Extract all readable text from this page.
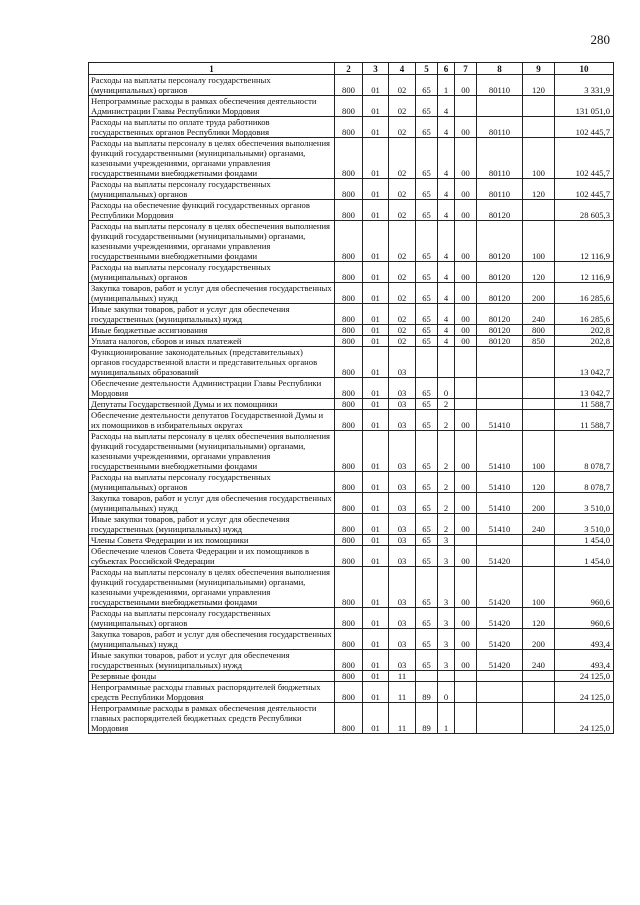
280
1	2	3	4	5	6	7	8	9	10
Расходы на выплаты персоналу государственных (муниципальных) органов	800	01	02	65	1	00	80110	120	3 331,9
Непрограммные расходы в рамках обеспечения деятельности Администрации Главы Республики Мордовия	800	01	02	65	4				131 051,0
Расходы на выплаты по оплате труда работников государственных органов Республики Мордовия	800	01	02	65	4	00	80110		102 445,7
Расходы на выплаты персоналу в целях обеспечения выполнения функций государственными (муниципальными) органами, казенными учреждениями, органами управления государственными внебюджетными фондами	800	01	02	65	4	00	80110	100	102 445,7
Расходы на выплаты персоналу государственных (муниципальных) органов	800	01	02	65	4	00	80110	120	102 445,7
Расходы на обеспечение функций государственных органов Республики Мордовия	800	01	02	65	4	00	80120		28 605,3
Расходы на выплаты персоналу в целях обеспечения выполнения функций государственными (муниципальными) органами, казенными учреждениями, органами управления государственными внебюджетными фондами	800	01	02	65	4	00	80120	100	12 116,9
Расходы на выплаты персоналу государственных (муниципальных) органов	800	01	02	65	4	00	80120	120	12 116,9
Закупка товаров, работ и услуг для обеспечения государственных (муниципальных) нужд	800	01	02	65	4	00	80120	200	16 285,6
Иные закупки товаров, работ и услуг для обеспечения государственных (муниципальных) нужд	800	01	02	65	4	00	80120	240	16 285,6
Иные бюджетные ассигнования	800	01	02	65	4	00	80120	800	202,8
Уплата налогов, сборов и иных платежей	800	01	02	65	4	00	80120	850	202,8
Функционирование законодательных (представительных) органов государственной власти и представительных органов муниципальных образований	800	01	03						13 042,7
Обеспечение деятельности Администрации Главы Республики Мордовия	800	01	03	65	0				13 042,7
Депутаты Государственной Думы и их помощники	800	01	03	65	2				11 588,7
Обеспечение деятельности депутатов Государственной Думы и их помощников в избирательных округах	800	01	03	65	2	00	51410		11 588,7
Расходы на выплаты персоналу в целях обеспечения выполнения функций государственными (муниципальными) органами, казенными учреждениями, органами управления государственными внебюджетными фондами	800	01	03	65	2	00	51410	100	8 078,7
Расходы на выплаты персоналу государственных (муниципальных) органов	800	01	03	65	2	00	51410	120	8 078,7
Закупка товаров, работ и услуг для обеспечения государственных (муниципальных) нужд	800	01	03	65	2	00	51410	200	3 510,0
Иные закупки товаров, работ и услуг для обеспечения государственных (муниципальных) нужд	800	01	03	65	2	00	51410	240	3 510,0
Члены Совета Федерации и их помощники	800	01	03	65	3				1 454,0
Обеспечение членов Совета Федерации и их помощников в субъектах Российской Федерации	800	01	03	65	3	00	51420		1 454,0
Расходы на выплаты персоналу в целях обеспечения выполнения функций государственными (муниципальными) органами, казенными учреждениями, органами управления государственными внебюджетными фондами	800	01	03	65	3	00	51420	100	960,6
Расходы на выплаты персоналу государственных (муниципальных) органов	800	01	03	65	3	00	51420	120	960,6
Закупка товаров, работ и услуг для обеспечения государственных (муниципальных) нужд	800	01	03	65	3	00	51420	200	493,4
Иные закупки товаров, работ и услуг для обеспечения государственных (муниципальных) нужд	800	01	03	65	3	00	51420	240	493,4
Резервные фонды	800	01	11						24 125,0
Непрограммные расходы главных распорядителей бюджетных средств Республики Мордовия	800	01	11	89	0				24 125,0
Непрограммные расходы в рамках обеспечения деятельности главных распорядителей бюджетных средств Республики Мордовия	800	01	11	89	1				24 125,0
